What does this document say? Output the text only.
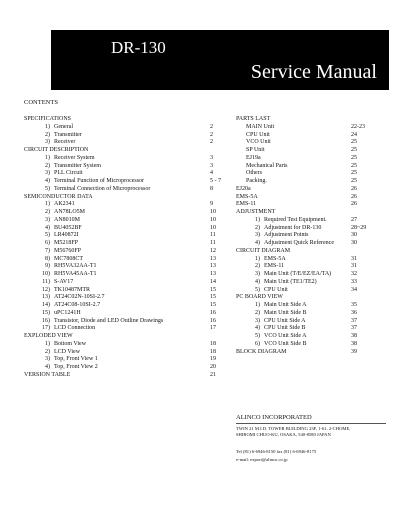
DR-130
Service Manual
CONTENTS
SPECIFICATIONS
1) General	2
2) Transmitter	2
3) Receiver	2
CIRCUIT DESCRIPTION
1) Receiver System	3
2) Transmitter System	3
3) PLL Circuit	4
4) Terminal Function of Microprocessor	5 - 7
5) Terminal Connection of Microprocessor	8
SEMICONDUCTOR DATA
1) AK2341	9
2) AN78LO5M	10
3) AN8010M	10
4) BU4052BF	10
5) LR40872I	11
6) M5218FP	11
7) M56760FP	12
8) MC7808CT	13
9) RH5VA32AA-T1	13
10) RH5VA45AA-T1	13
11) S-AV17	14
12) TK10487MTR	15
13) AT24C02N-10SI-2.7	15
14) AT24C08-10SI-2.7	15
15) uPC1241H	16
16) Transistor, Diode and LED Outline Drawings	16
17) LCD Connection	17
EXPLODED VIEW
1) Bottom View	18
2) LCD View	18
3) Top, Front View 1	19
4) Top, Front View 2	20
VERSION TABLE	21
PARTS LAST
MAIN Unit	22-23
CPU Unit	24
VCO Unit	25
SP Unit	25
EJ19a	25
Mechanical Parts	25
Others	25
Packing.	25
EJ20a	26
EMS-5A	26
EMS-11	26
ADJUSTMENT
1) Required Test Equipment.	27
2) Adjustment for DR-130	28~29
3) Adjustment Points	30
4) Adjustment Quick Reference	30
CIRCUIT DIAGRAM
1) EMS-5A	31
2) EMS-11	31
3) Main Unit (T/E/EZ/EA/TA)	32
4) Main Unit (TE1/TE2)	33
5) CPU Unit	34
PC BOARD VIEW
1) Main Unit Side A	35
2) Main Unit Side B	36
3) CPU Unit Side A	37
4) CPU Unit Side B	37
5) VCO Unit Side A	38
6) VCO Unit Side B	38
BLOCK DIAGRAM	39
ALINCO INCORPORATED
TWIN 21 M.I.D. TOWER BUILDING 23F, 1-61, 2-CHOME,
SHIROMI CHUO-KU, OSAKA, 540-8580 JAPAN
Tel (81) 6-6946-8150 fax (81) 6-6946-8175
e-mail: export@alinco.co.jp
